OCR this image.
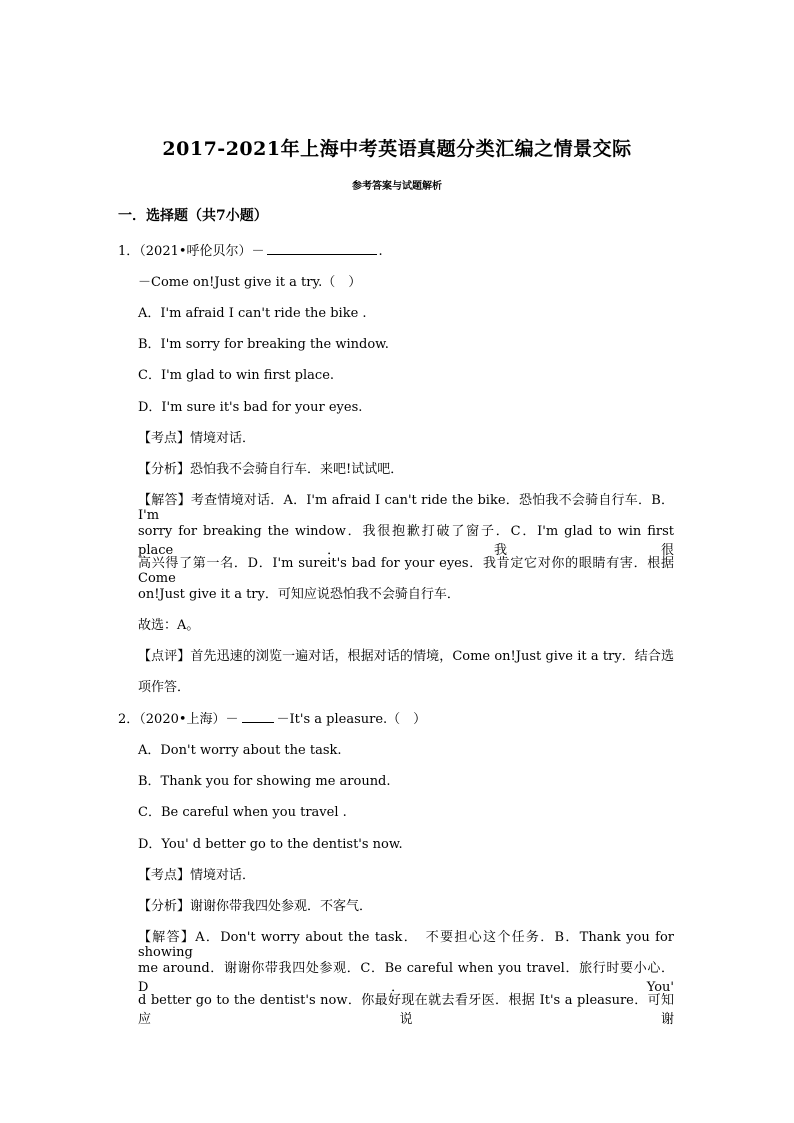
2017-2021年上海中考英语真题分类汇编之情景交际
参考答案与试题解析
一．选择题（共7小题）
1．（2021•呼伦贝尔）－	.
－Come on!Just give it a try.（　）
A．I'm afraid I can't ride the bike .
B．I'm sorry for breaking the window.
C．I'm glad to win first place.
D．I'm sure it's bad for your eyes.
【考点】情境对话．
【分析】恐怕我不会骑自行车．来吧!试试吧．
【解答】考查情境对话．A．I'm afraid I can't ride the bike．恐怕我不会骑自行车．B．I'm
sorry for breaking the window．我很抱歉打破了窗子．C．I'm glad to win first place．我很
高兴得了第一名．D．I'm sureit's bad for your eyes．我肯定它对你的眼睛有害．根据 Come
on!Just give it a try．可知应说恐怕我不会骑自行车．
故选：A。
【点评】首先迅速的浏览一遍对话，根据对话的情境，Come on!Just give it a try．结合选
项作答．
2．（2020•上海）－	－It's a pleasure.（　）
A．Don't worry about the task.
B．Thank you for showing me around.
C．Be careful when you travel .
D．You' d better go to the dentist's now.
【考点】情境对话．
【分析】谢谢你带我四处参观．不客气．
【解答】A．Don't worry about the task．　不要担心这个任务．B．Thank you for showing
me around．谢谢你带我四处参观．C．Be careful when you travel．旅行时要小心．D．You'
d better go to the dentist's now．你最好现在就去看牙医．根据 It's a pleasure．可知应说谢
